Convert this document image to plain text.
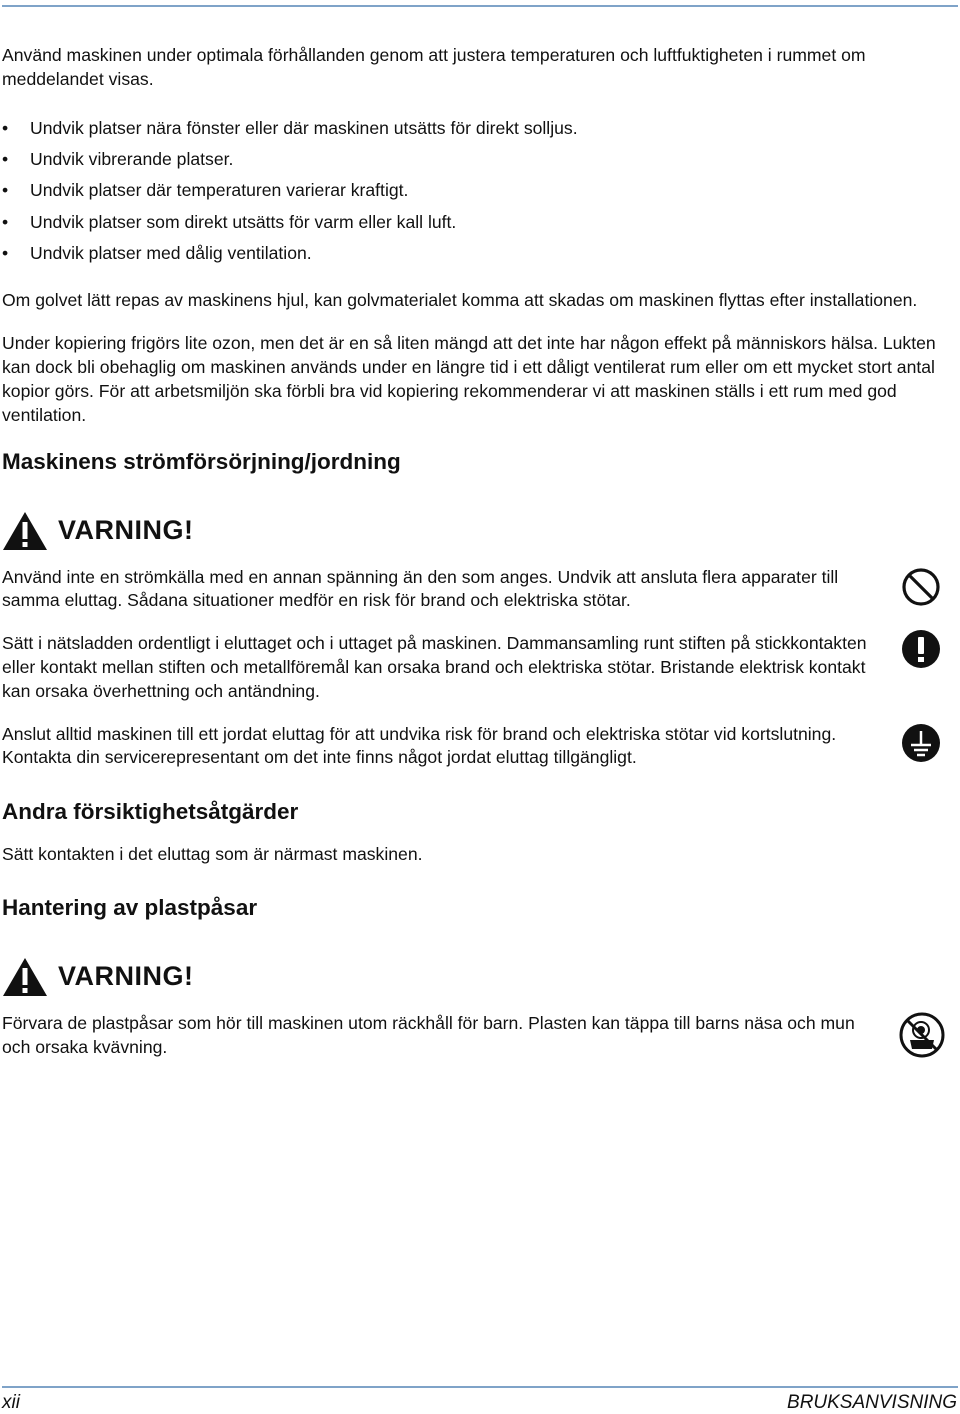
Använd maskinen under optimala förhållanden genom att justera temperaturen och luftfuktigheten i rummet om meddelandet visas.

• Undvik platser nära fönster eller där maskinen utsätts för direkt solljus.
• Undvik vibrerande platser.
• Undvik platser där temperaturen varierar kraftigt.
• Undvik platser som direkt utsätts för varm eller kall luft.
• Undvik platser med dålig ventilation.

Om golvet lätt repas av maskinens hjul, kan golvmaterialet komma att skadas om maskinen flyttas efter installationen.

Under kopiering frigörs lite ozon, men det är en så liten mängd att det inte har någon effekt på människors hälsa. Lukten kan dock bli obehaglig om maskinen används under en längre tid i ett dåligt ventilerat rum eller om ett mycket stort antal kopior görs. För att arbetsmiljön ska förbli bra vid kopiering rekommenderar vi att maskinen ställs i ett rum med god ventilation.

Maskinens strömförsörjning/jordning
VARNING!

Använd inte en strömkälla med en annan spänning än den som anges. Undvik att ansluta flera apparater till samma eluttag. Sådana situationer medför en risk för brand och elektriska stötar.

Sätt i nätsladden ordentligt i eluttaget och i uttaget på maskinen. Dammansamling runt stiften på stickkontakten eller kontakt mellan stiften och metallföremål kan orsaka brand och elektriska stötar. Bristande elektrisk kontakt kan orsaka överhettning och antändning.

Anslut alltid maskinen till ett jordat eluttag för att undvika risk för brand och elektriska stötar vid kortslutning. Kontakta din servicerepresentant om det inte finns något jordat eluttag tillgängligt.

Andra försiktighetsåtgärder

Sätt kontakten i det eluttag som är närmast maskinen.

Hantering av plastpåsar
VARNING!

Förvara de plastpåsar som hör till maskinen utom räckhåll för barn. Plasten kan täppa till barns näsa och mun och orsaka kvävning.

xii	BRUKSANVISNING
